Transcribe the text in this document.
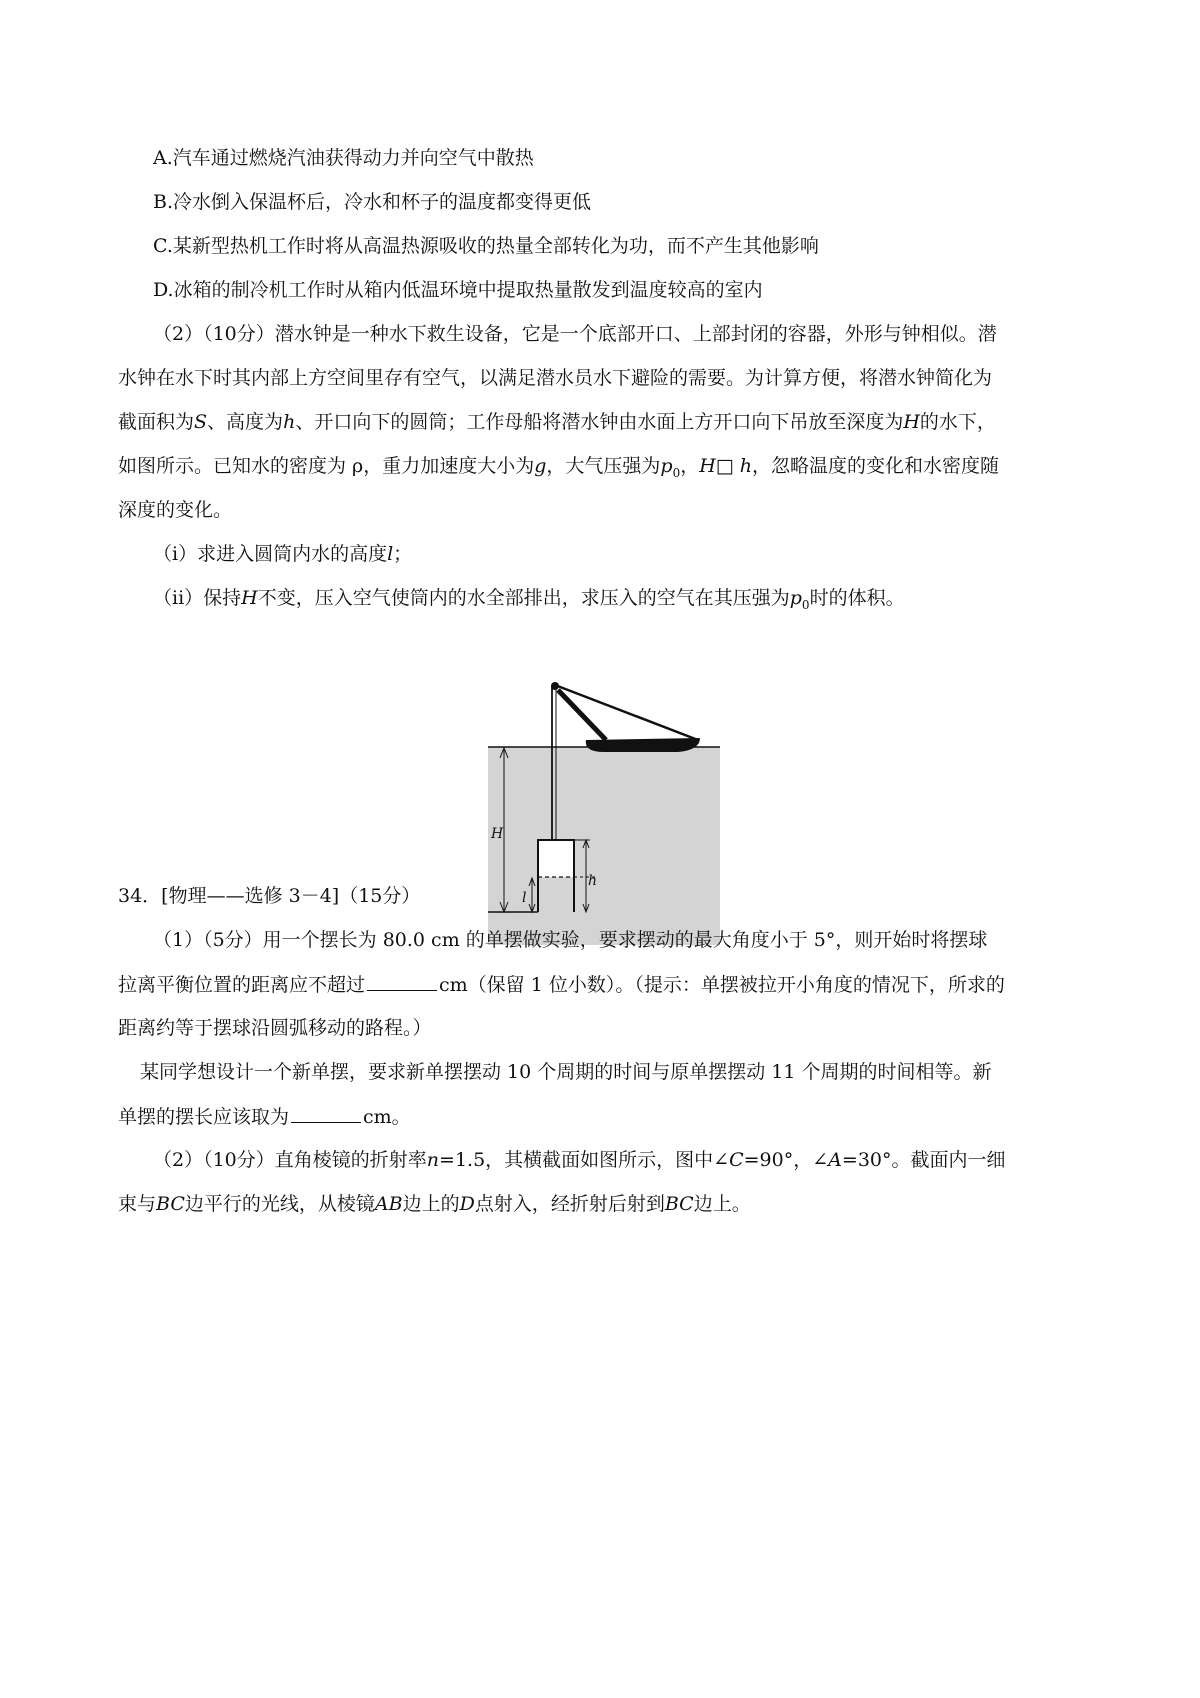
A.汽车通过燃烧汽油获得动力并向空气中散热
B.冷水倒入保温杯后，冷水和杯子的温度都变得更低
C.某新型热机工作时将从高温热源吸收的热量全部转化为功，而不产生其他影响
D.冰箱的制冷机工作时从箱内低温环境中提取热量散发到温度较高的室内
（2）（10分）潜水钟是一种水下救生设备，它是一个底部开口、上部封闭的容器，外形与钟相似。潜
水钟在水下时其内部上方空间里存有空气，以满足潜水员水下避险的需要。为计算方便，将潜水钟简化为
截面积为S、高度为h、开口向下的圆筒；工作母船将潜水钟由水面上方开口向下吊放至深度为H的水下，
如图所示。已知水的密度为 ρ，重力加速度大小为g，大气压强为$p_0$，H□ h，忽略温度的变化和水密度随
深度的变化。
（i）求进入圆筒内水的高度l；
（ii）保持H不变，压入空气使筒内的水全部排出，求压入的空气在其压强为$p_0$时的体积。
H
h
l
34．[物理——选修 3－4]（15分）
（1）（5分）用一个摆长为 80.0 cm 的单摆做实验，要求摆动的最大角度小于 5°，则开始时将摆球
拉离平衡位置的距离应不超过	cm（保留 1 位小数）。（提示：单摆被拉开小角度的情况下，所求的
距离约等于摆球沿圆弧移动的路程。）
某同学想设计一个新单摆，要求新单摆摆动 10 个周期的时间与原单摆摆动 11 个周期的时间相等。新
单摆的摆长应该取为	cm。
（2）（10分）直角棱镜的折射率n=1.5，其横截面如图所示，图中∠C=90°，∠A=30°。截面内一细
束与BC边平行的光线，从棱镜AB边上的D点射入，经折射后射到BC边上。
